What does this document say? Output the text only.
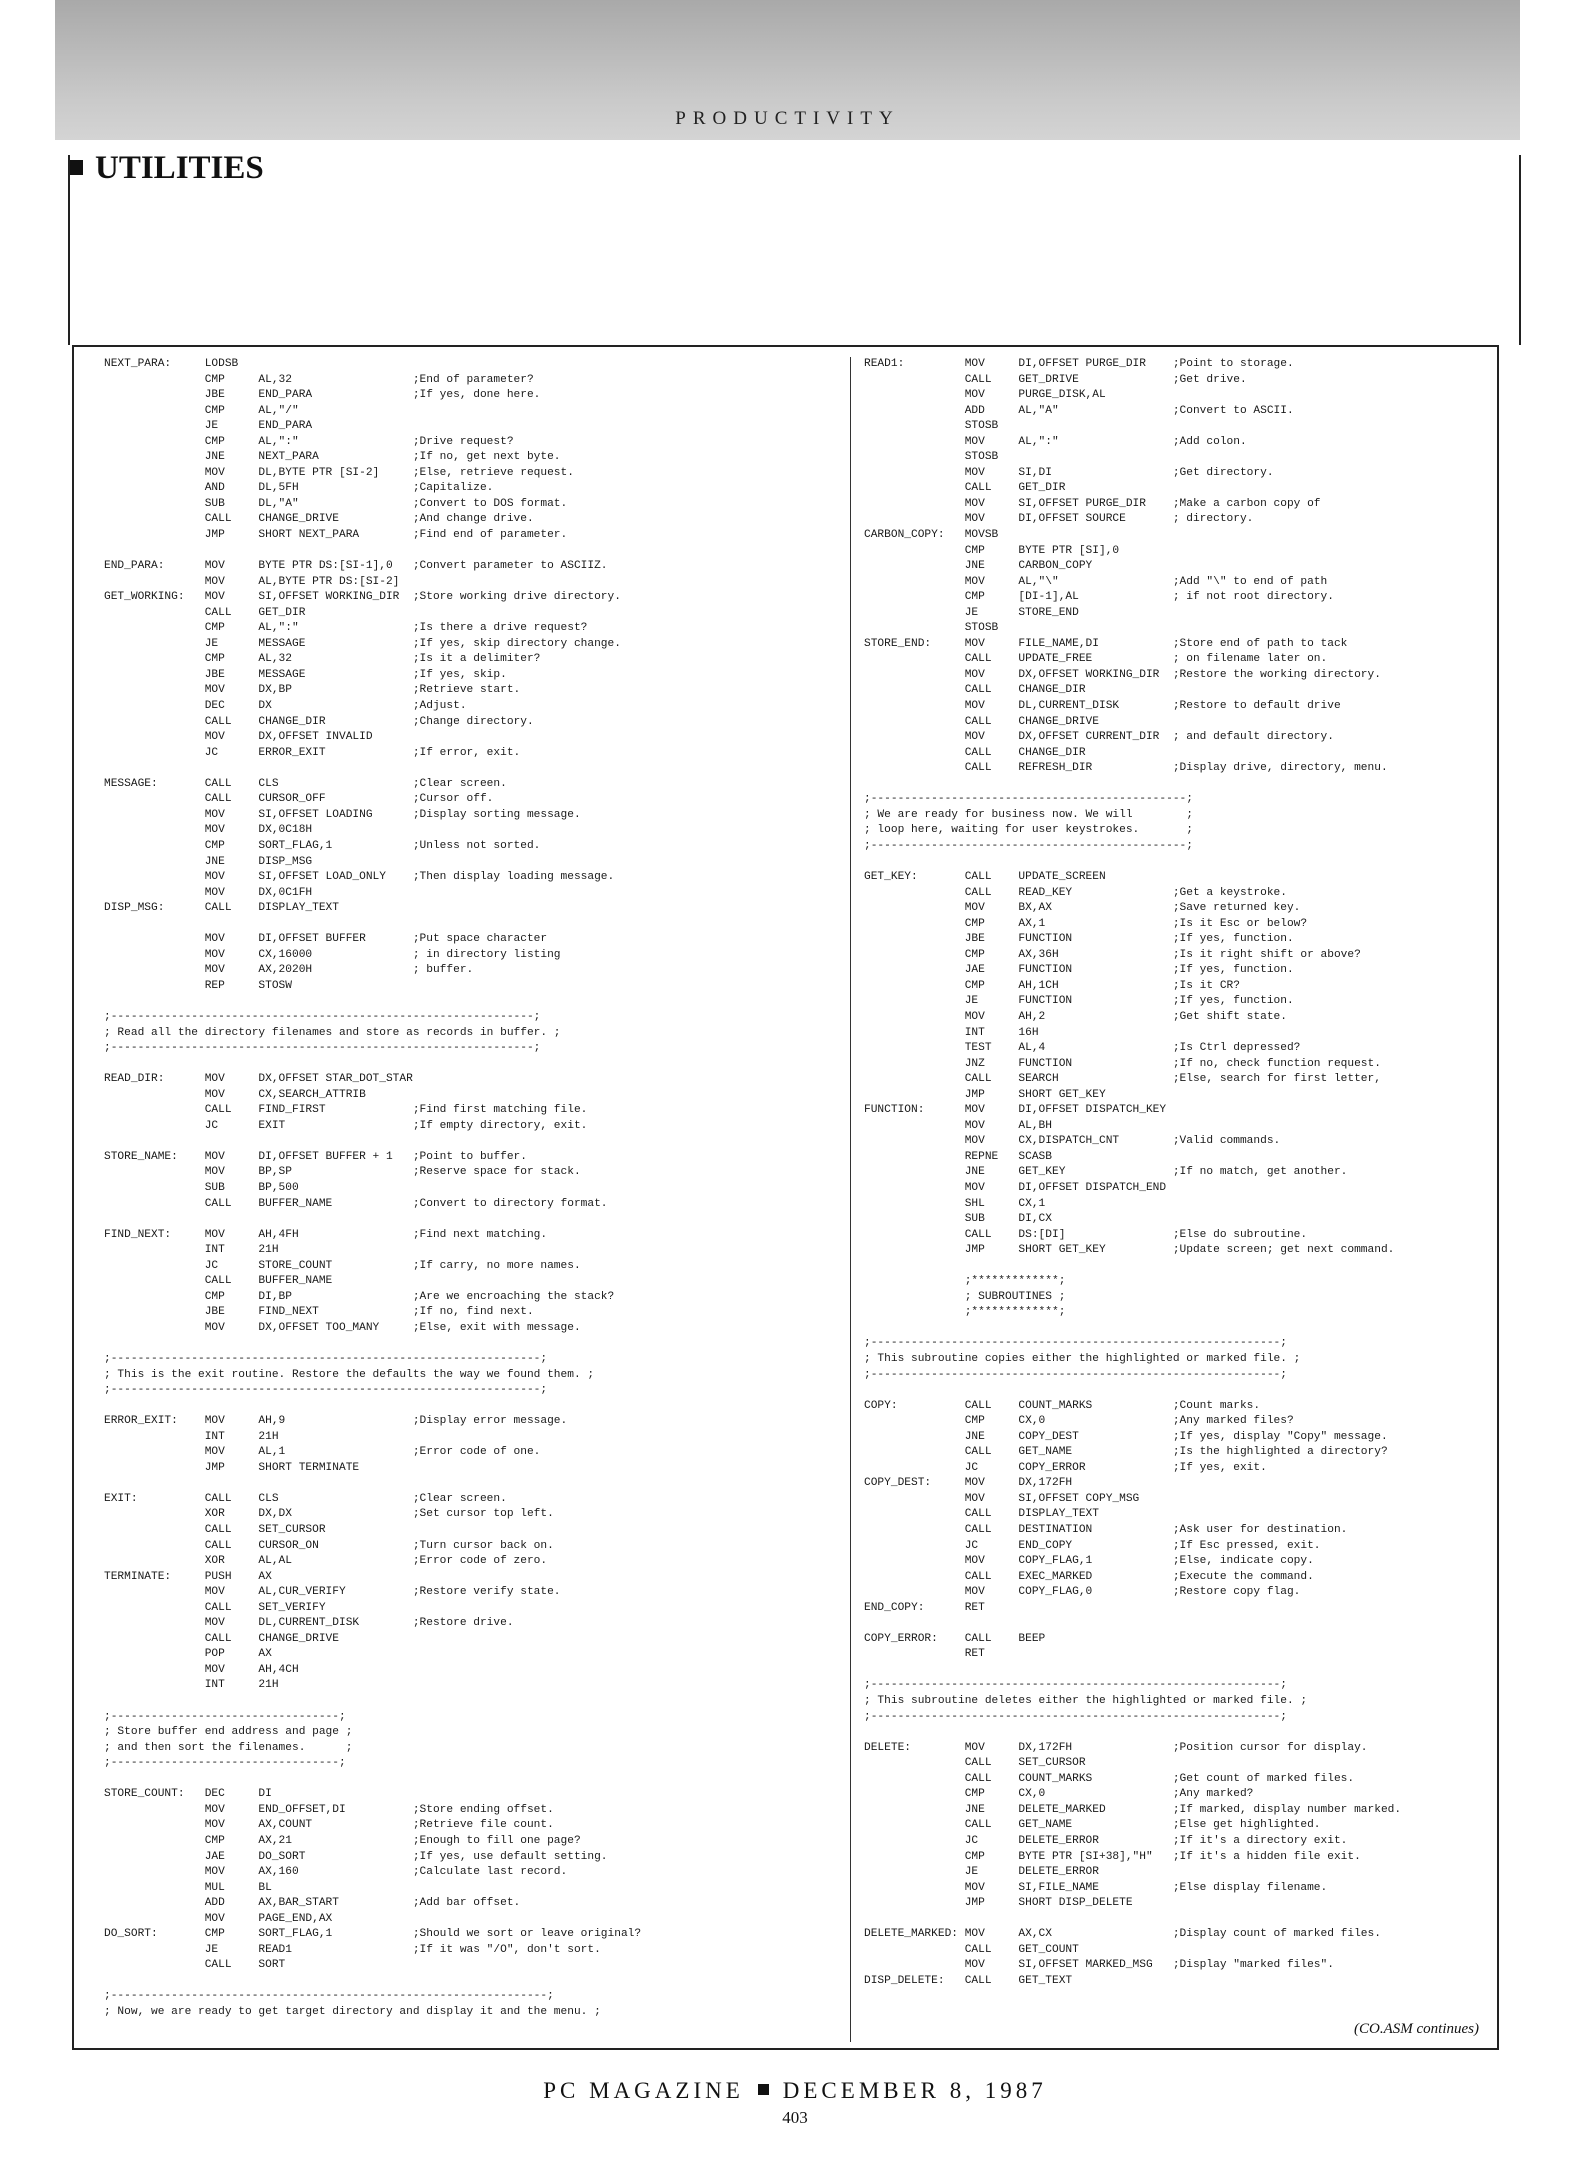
PRODUCTIVITY
UTILITIES
NEXT_PARA:     LODSB
CMP     AL,32                  ;End of parameter?
JBE     END_PARA               ;If yes, done here.
CMP     AL,"/"
JE      END_PARA
CMP     AL,":"                 ;Drive request?
JNE     NEXT_PARA              ;If no, get next byte.
MOV     DL,BYTE PTR [SI-2]     ;Else, retrieve request.
AND     DL,5FH                 ;Capitalize.
SUB     DL,"A"                 ;Convert to DOS format.
CALL    CHANGE_DRIVE           ;And change drive.
JMP     SHORT NEXT_PARA        ;Find end of parameter.

END_PARA:      MOV     BYTE PTR DS:[SI-1],0   ;Convert parameter to ASCIIZ.
MOV     AL,BYTE PTR DS:[SI-2]
GET_WORKING:   MOV     SI,OFFSET WORKING_DIR  ;Store working drive directory.
CALL    GET_DIR
CMP     AL,":"                 ;Is there a drive request?
JE      MESSAGE                ;If yes, skip directory change.
CMP     AL,32                  ;Is it a delimiter?
JBE     MESSAGE                ;If yes, skip.
MOV     DX,BP                  ;Retrieve start.
DEC     DX                     ;Adjust.
CALL    CHANGE_DIR             ;Change directory.
MOV     DX,OFFSET INVALID
JC      ERROR_EXIT             ;If error, exit.

MESSAGE:       CALL    CLS                    ;Clear screen.
CALL    CURSOR_OFF             ;Cursor off.
MOV     SI,OFFSET LOADING      ;Display sorting message.
MOV     DX,0C18H
CMP     SORT_FLAG,1            ;Unless not sorted.
JNE     DISP_MSG
MOV     SI,OFFSET LOAD_ONLY    ;Then display loading message.
MOV     DX,0C1FH
DISP_MSG:      CALL    DISPLAY_TEXT

MOV     DI,OFFSET BUFFER       ;Put space character
MOV     CX,16000               ; in directory listing
MOV     AX,2020H               ; buffer.
REP     STOSW

;---------------------------------------------------------------;
; Read all the directory filenames and store as records in buffer. ;
;---------------------------------------------------------------;

READ_DIR:      MOV     DX,OFFSET STAR_DOT_STAR
MOV     CX,SEARCH_ATTRIB
CALL    FIND_FIRST             ;Find first matching file.
JC      EXIT                   ;If empty directory, exit.

STORE_NAME:    MOV     DI,OFFSET BUFFER + 1   ;Point to buffer.
MOV     BP,SP                  ;Reserve space for stack.
SUB     BP,500
CALL    BUFFER_NAME            ;Convert to directory format.

FIND_NEXT:     MOV     AH,4FH                 ;Find next matching.
INT     21H
JC      STORE_COUNT            ;If carry, no more names.
CALL    BUFFER_NAME
CMP     DI,BP                  ;Are we encroaching the stack?
JBE     FIND_NEXT              ;If no, find next.
MOV     DX,OFFSET TOO_MANY     ;Else, exit with message.

;----------------------------------------------------------------;
; This is the exit routine. Restore the defaults the way we found them. ;
;----------------------------------------------------------------;

ERROR_EXIT:    MOV     AH,9                   ;Display error message.
INT     21H
MOV     AL,1                   ;Error code of one.
JMP     SHORT TERMINATE

EXIT:          CALL    CLS                    ;Clear screen.
XOR     DX,DX                  ;Set cursor top left.
CALL    SET_CURSOR
CALL    CURSOR_ON              ;Turn cursor back on.
XOR     AL,AL                  ;Error code of zero.
TERMINATE:     PUSH    AX
MOV     AL,CUR_VERIFY          ;Restore verify state.
CALL    SET_VERIFY
MOV     DL,CURRENT_DISK        ;Restore drive.
CALL    CHANGE_DRIVE
POP     AX
MOV     AH,4CH
INT     21H

;----------------------------------;
; Store buffer end address and page ;
; and then sort the filenames.      ;
;----------------------------------;

STORE_COUNT:   DEC     DI
MOV     END_OFFSET,DI          ;Store ending offset.
MOV     AX,COUNT               ;Retrieve file count.
CMP     AX,21                  ;Enough to fill one page?
JAE     DO_SORT                ;If yes, use default setting.
MOV     AX,160                 ;Calculate last record.
MUL     BL
ADD     AX,BAR_START           ;Add bar offset.
MOV     PAGE_END,AX
DO_SORT:       CMP     SORT_FLAG,1            ;Should we sort or leave original?
JE      READ1                  ;If it was "/O", don't sort.
CALL    SORT

;-----------------------------------------------------------------;
; Now, we are ready to get target directory and display it and the menu. ;
READ1:         MOV     DI,OFFSET PURGE_DIR    ;Point to storage.
CALL    GET_DRIVE              ;Get drive.
MOV     PURGE_DISK,AL
ADD     AL,"A"                 ;Convert to ASCII.
STOSB
MOV     AL,":"                 ;Add colon.
STOSB
MOV     SI,DI                  ;Get directory.
CALL    GET_DIR
MOV     SI,OFFSET PURGE_DIR    ;Make a carbon copy of
MOV     DI,OFFSET SOURCE       ; directory.
CARBON_COPY:   MOVSB
CMP     BYTE PTR [SI],0
JNE     CARBON_COPY
MOV     AL,"\"                 ;Add "\" to end of path
CMP     [DI-1],AL              ; if not root directory.
JE      STORE_END
STOSB
STORE_END:     MOV     FILE_NAME,DI           ;Store end of path to tack
CALL    UPDATE_FREE            ; on filename later on.
MOV     DX,OFFSET WORKING_DIR  ;Restore the working directory.
CALL    CHANGE_DIR
MOV     DL,CURRENT_DISK        ;Restore to default drive
CALL    CHANGE_DRIVE
MOV     DX,OFFSET CURRENT_DIR  ; and default directory.
CALL    CHANGE_DIR
CALL    REFRESH_DIR            ;Display drive, directory, menu.

;-----------------------------------------------;
; We are ready for business now. We will        ;
; loop here, waiting for user keystrokes.       ;
;-----------------------------------------------;

GET_KEY:       CALL    UPDATE_SCREEN
CALL    READ_KEY               ;Get a keystroke.
MOV     BX,AX                  ;Save returned key.
CMP     AX,1                   ;Is it Esc or below?
JBE     FUNCTION               ;If yes, function.
CMP     AX,36H                 ;Is it right shift or above?
JAE     FUNCTION               ;If yes, function.
CMP     AH,1CH                 ;Is it CR?
JE      FUNCTION               ;If yes, function.
MOV     AH,2                   ;Get shift state.
INT     16H
TEST    AL,4                   ;Is Ctrl depressed?
JNZ     FUNCTION               ;If no, check function request.
CALL    SEARCH                 ;Else, search for first letter,
JMP     SHORT GET_KEY
FUNCTION:      MOV     DI,OFFSET DISPATCH_KEY
MOV     AL,BH
MOV     CX,DISPATCH_CNT        ;Valid commands.
REPNE   SCASB
JNE     GET_KEY                ;If no match, get another.
MOV     DI,OFFSET DISPATCH_END
SHL     CX,1
SUB     DI,CX
CALL    DS:[DI]                ;Else do subroutine.
JMP     SHORT GET_KEY          ;Update screen; get next command.

;*************;
; SUBROUTINES ;
;*************;

;-------------------------------------------------------------;
; This subroutine copies either the highlighted or marked file. ;
;-------------------------------------------------------------;

COPY:          CALL    COUNT_MARKS            ;Count marks.
CMP     CX,0                   ;Any marked files?
JNE     COPY_DEST              ;If yes, display "Copy" message.
CALL    GET_NAME               ;Is the highlighted a directory?
JC      COPY_ERROR             ;If yes, exit.
COPY_DEST:     MOV     DX,172FH
MOV     SI,OFFSET COPY_MSG
CALL    DISPLAY_TEXT
CALL    DESTINATION            ;Ask user for destination.
JC      END_COPY               ;If Esc pressed, exit.
MOV     COPY_FLAG,1            ;Else, indicate copy.
CALL    EXEC_MARKED            ;Execute the command.
MOV     COPY_FLAG,0            ;Restore copy flag.
END_COPY:      RET

COPY_ERROR:    CALL    BEEP
RET

;-------------------------------------------------------------;
; This subroutine deletes either the highlighted or marked file. ;
;-------------------------------------------------------------;

DELETE:        MOV     DX,172FH               ;Position cursor for display.
CALL    SET_CURSOR
CALL    COUNT_MARKS            ;Get count of marked files.
CMP     CX,0                   ;Any marked?
JNE     DELETE_MARKED          ;If marked, display number marked.
CALL    GET_NAME               ;Else get highlighted.
JC      DELETE_ERROR           ;If it's a directory exit.
CMP     BYTE PTR [SI+38],"H"   ;If it's a hidden file exit.
JE      DELETE_ERROR
MOV     SI,FILE_NAME           ;Else display filename.
JMP     SHORT DISP_DELETE

DELETE_MARKED: MOV     AX,CX                  ;Display count of marked files.
CALL    GET_COUNT
MOV     SI,OFFSET MARKED_MSG   ;Display "marked files".
DISP_DELETE:   CALL    GET_TEXT
(CO.ASM continues)
PC MAGAZINE DECEMBER 8, 1987
403
